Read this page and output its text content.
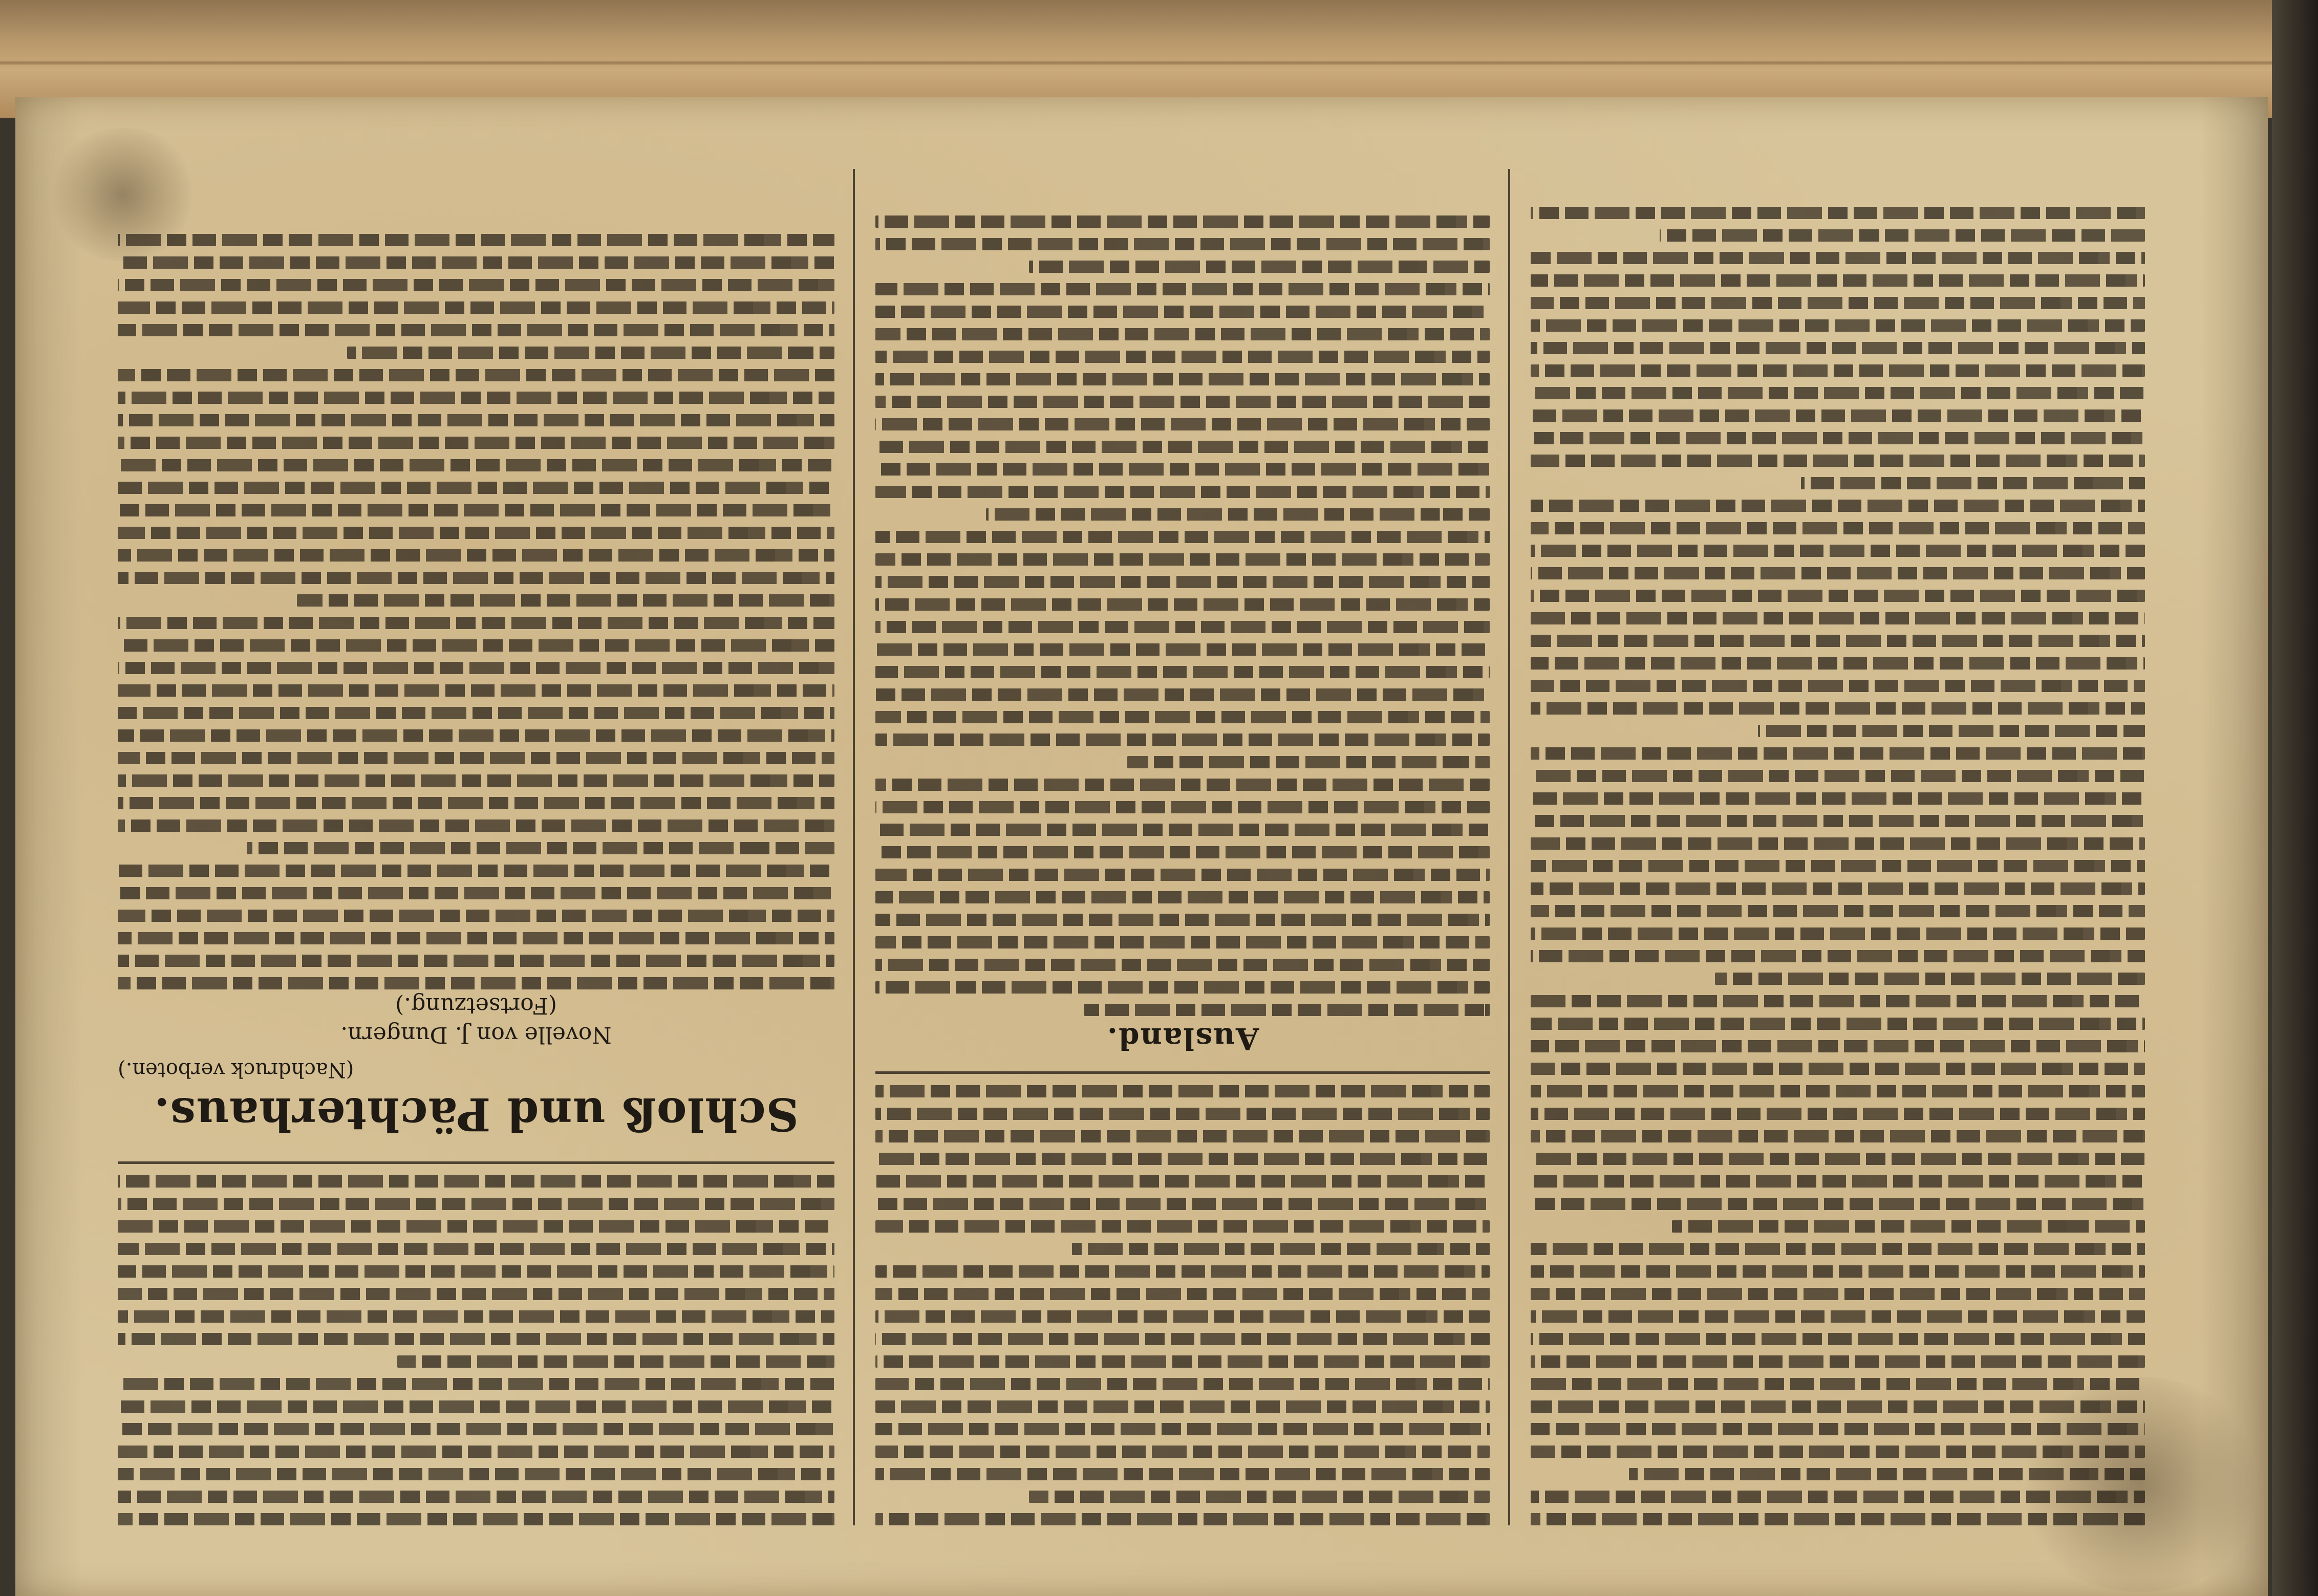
Ausland.
Schloß und Pächterhaus.
(Nachdruck verboten.)
Novelle von J. Dungern.
(Fortsetzung.)
